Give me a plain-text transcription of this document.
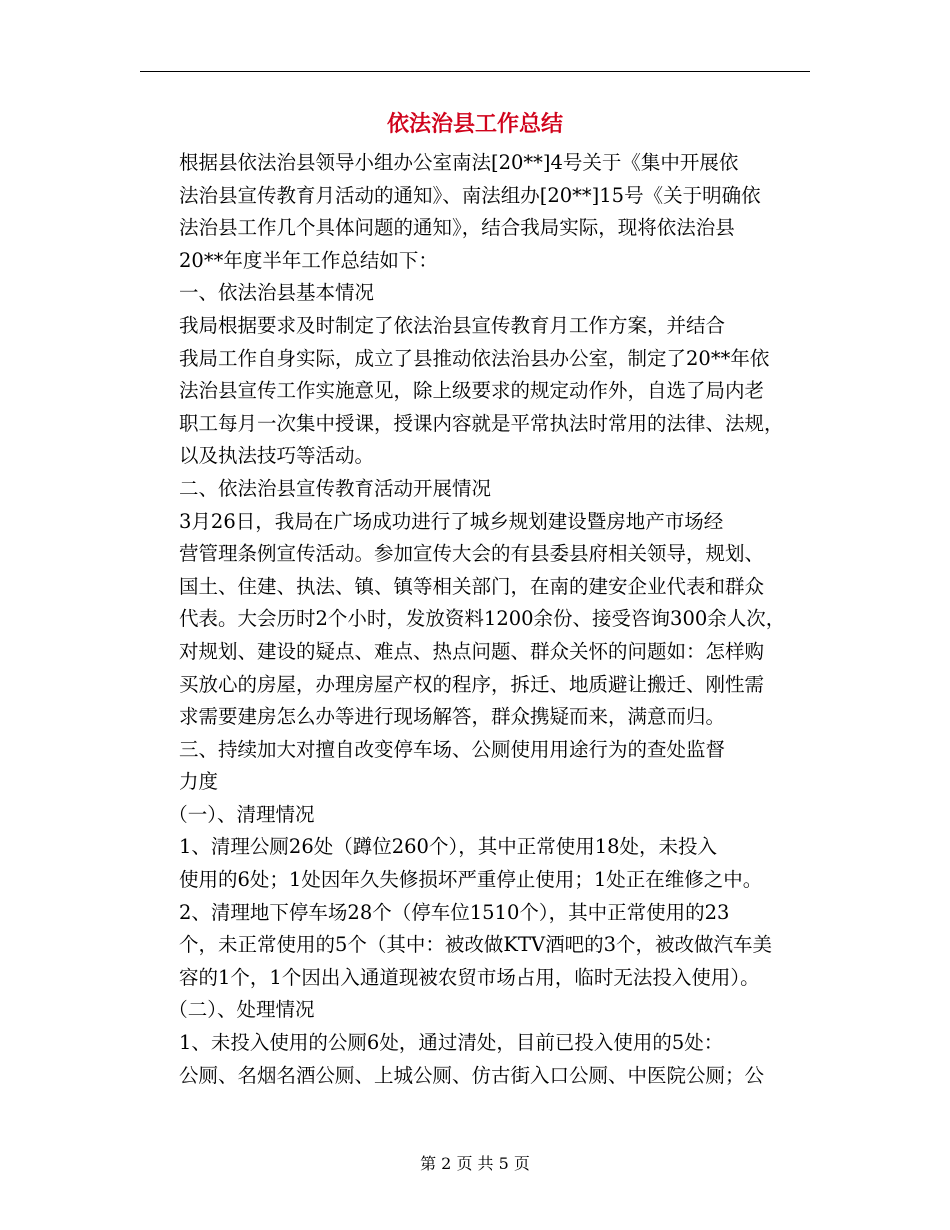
依法治县工作总结

根据县依法治县领导小组办公室南法[20**]4号关于《集中开展依
法治县宣传教育月活动的通知》、南法组办[20**]15号《关于明确依
法治县工作几个具体问题的通知》，结合我局实际，现将依法治县
20**年度半年工作总结如下：

一、依法治县基本情况

我局根据要求及时制定了依法治县宣传教育月工作方案，并结合
我局工作自身实际，成立了县推动依法治县办公室，制定了20**年依
法治县宣传工作实施意见，除上级要求的规定动作外，自选了局内老
职工每月一次集中授课，授课内容就是平常执法时常用的法律、法规，
以及执法技巧等活动。

二、依法治县宣传教育活动开展情况

3月26日，我局在广场成功进行了城乡规划建设暨房地产市场经
营管理条例宣传活动。参加宣传大会的有县委县府相关领导，规划、
国土、住建、执法、镇、镇等相关部门，在南的建安企业代表和群众
代表。大会历时2个小时，发放资料1200余份、接受咨询300余人次，
对规划、建设的疑点、难点、热点问题、群众关怀的问题如：怎样购
买放心的房屋，办理房屋产权的程序，拆迁、地质避让搬迁、刚性需
求需要建房怎么办等进行现场解答，群众携疑而来，满意而归。

三、持续加大对擅自改变停车场、公厕使用用途行为的查处监督
力度

（一）、清理情况

1、清理公厕26处（蹲位260个），其中正常使用18处，未投入
使用的6处；1处因年久失修损坏严重停止使用；1处正在维修之中。

2、清理地下停车场28个（停车位1510个），其中正常使用的23
个，未正常使用的5个（其中：被改做KTV酒吧的3个，被改做汽车美
容的1个，1个因出入通道现被农贸市场占用，临时无法投入使用）。

（二）、处理情况

1、未投入使用的公厕6处，通过清处，目前已投入使用的5处：
公厕、名烟名酒公厕、上城公厕、仿古街入口公厕、中医院公厕；公

第 2 页 共 5 页
